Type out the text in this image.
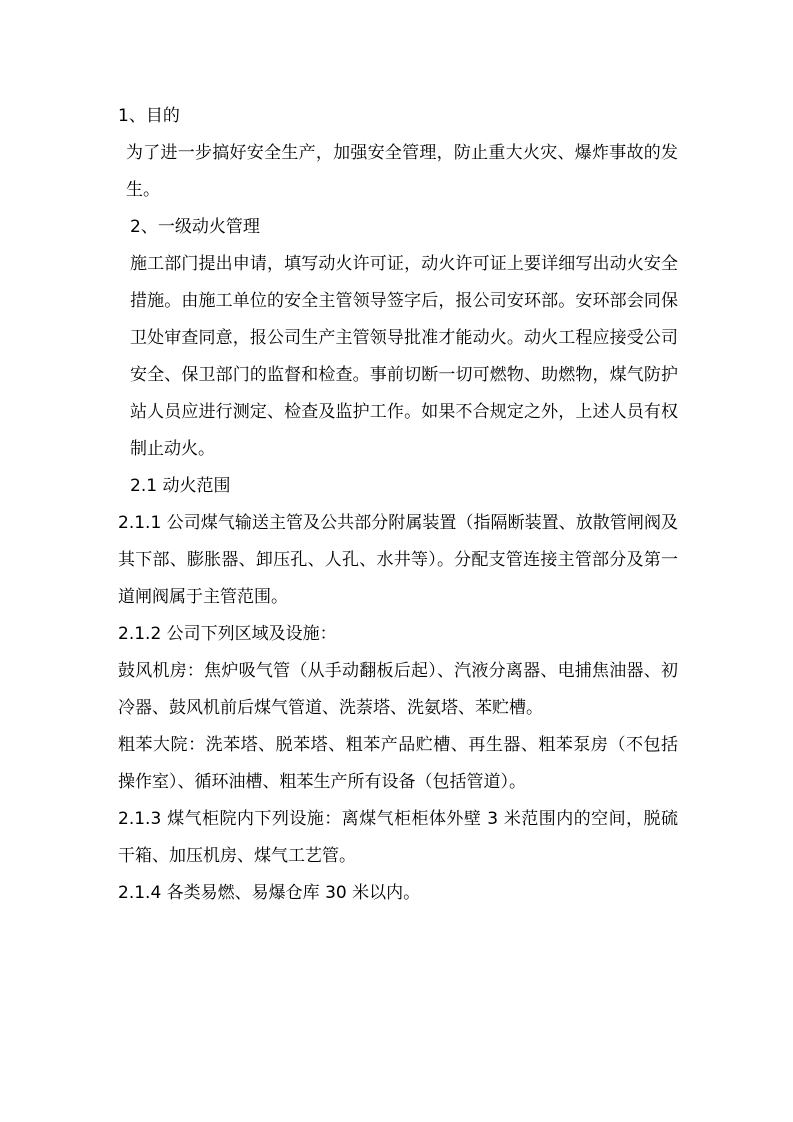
1、目的

为了进一步搞好安全生产，加强安全管理，防止重大火灾、爆炸事故的发生。

2、一级动火管理

施工部门提出申请，填写动火许可证，动火许可证上要详细写出动火安全措施。由施工单位的安全主管领导签字后，报公司安环部。安环部会同保卫处审查同意，报公司生产主管领导批准才能动火。动火工程应接受公司安全、保卫部门的监督和检查。事前切断一切可燃物、助燃物，煤气防护站人员应进行测定、检查及监护工作。如果不合规定之外，上述人员有权制止动火。

2.1 动火范围

2.1.1 公司煤气输送主管及公共部分附属装置（指隔断装置、放散管闸阀及其下部、膨胀器、卸压孔、人孔、水井等）。分配支管连接主管部分及第一道闸阀属于主管范围。

2.1.2 公司下列区域及设施：

鼓风机房：焦炉吸气管（从手动翻板后起）、汽液分离器、电捕焦油器、初冷器、鼓风机前后煤气管道、洗萘塔、洗氨塔、苯贮槽。

粗苯大院：洗苯塔、脱苯塔、粗苯产品贮槽、再生器、粗苯泵房（不包括操作室）、循环油槽、粗苯生产所有设备（包括管道）。

2.1.3 煤气柜院内下列设施：离煤气柜柜体外壁 3 米范围内的空间，脱硫干箱、加压机房、煤气工艺管。

2.1.4 各类易燃、易爆仓库 30 米以内。
